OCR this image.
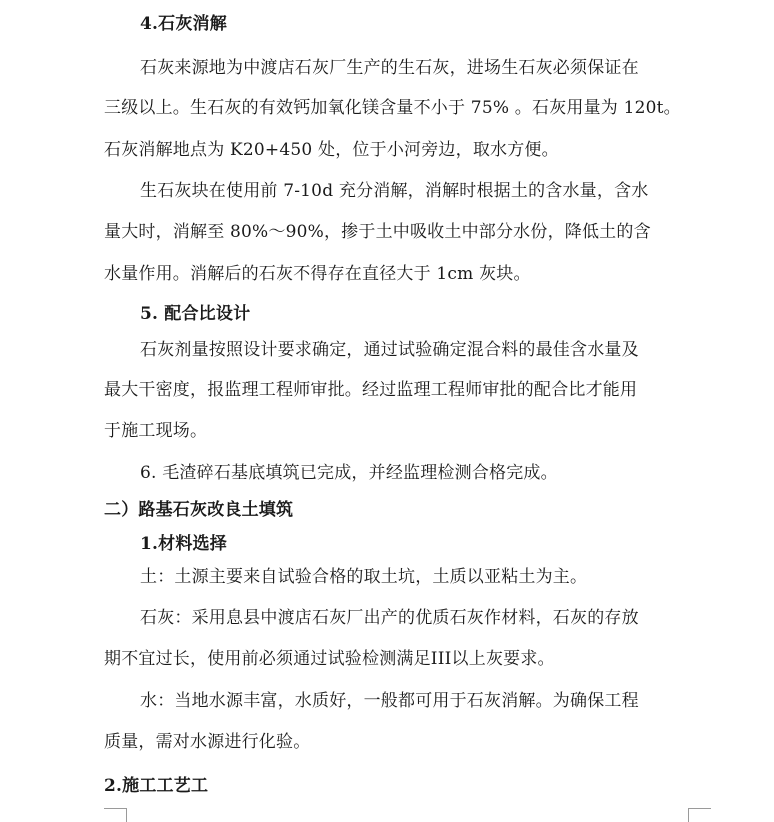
4.石灰消解
石灰来源地为中渡店石灰厂生产的生石灰，进场生石灰必须保证在
三级以上。生石灰的有效钙加氧化镁含量不小于 75% 。石灰用量为 120t。
石灰消解地点为 K20+450 处，位于小河旁边，取水方便。
生石灰块在使用前 7-10d 充分消解，消解时根据土的含水量，含水
量大时，消解至 80%～90%，掺于土中吸收土中部分水份，降低土的含
水量作用。消解后的石灰不得存在直径大于 1cm 灰块。
5. 配合比设计
石灰剂量按照设计要求确定，通过试验确定混合料的最佳含水量及
最大干密度，报监理工程师审批。经过监理工程师审批的配合比才能用
于施工现场。
6. 毛渣碎石基底填筑已完成，并经监理检测合格完成。
二）路基石灰改良土填筑
1.材料选择
土：土源主要来自试验合格的取土坑，土质以亚粘土为主。
石灰：采用息县中渡店石灰厂出产的优质石灰作材料，石灰的存放
期不宜过长，使用前必须通过试验检测满足III以上灰要求。
水：当地水源丰富，水质好，一般都可用于石灰消解。为确保工程
质量，需对水源进行化验。
2.施工工艺工
